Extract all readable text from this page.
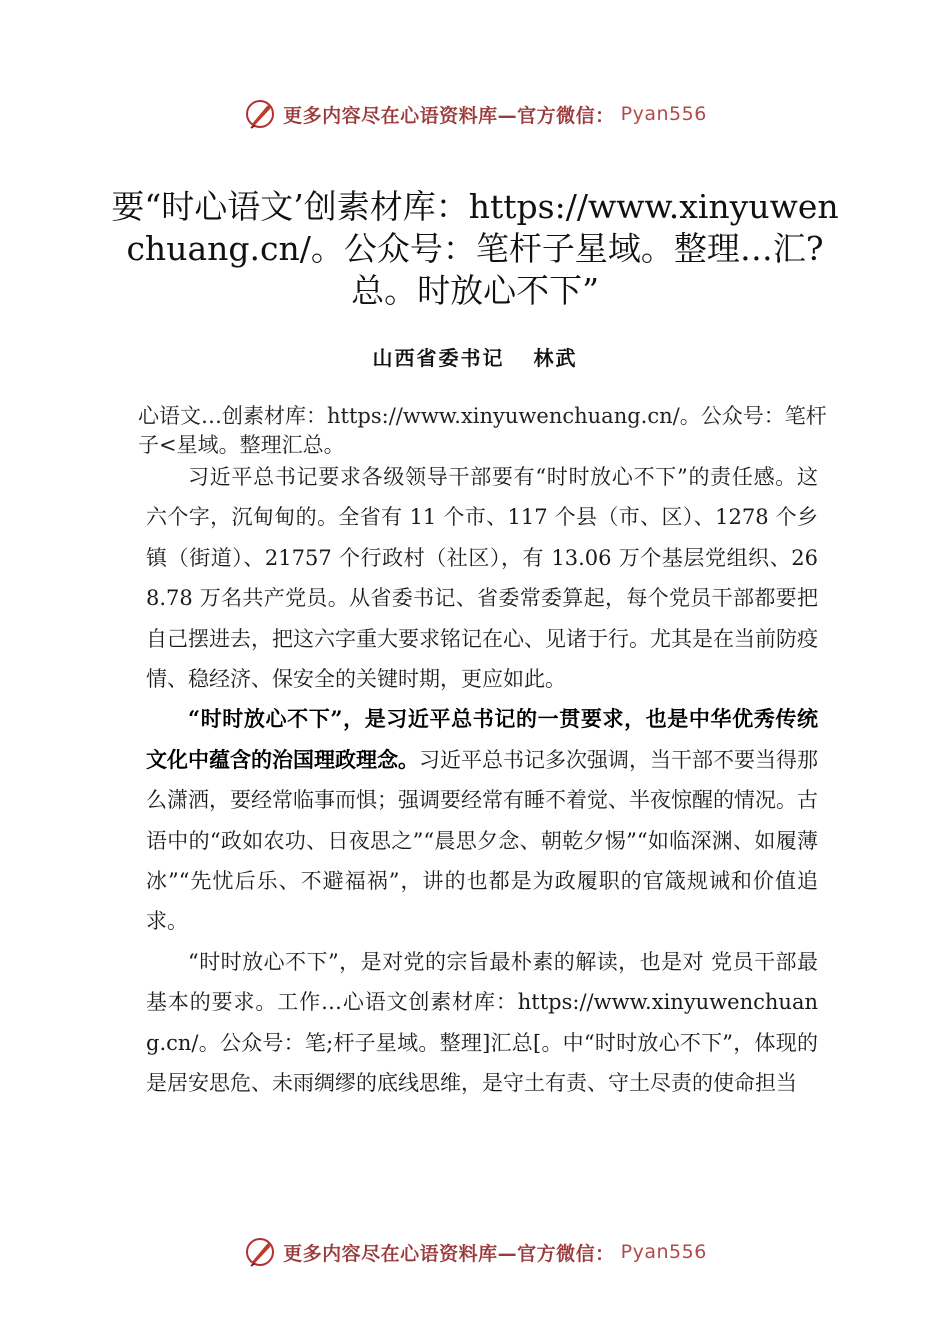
更多内容尽在心语资料库—官方微信： Pyan556
要“时心语文’创素材库：https://www.xinyuwenchuang.cn/。公众号：笔杆子星域。整理…汇?总。时放心不下”
山西省委书记 林武
心语文…创素材库：https://www.xinyuwenchuang.cn/。公众号：笔杆子<星域。整理汇总。

习近平总书记要求各级领导干部要有“时时放心不下”的责任感。这六个字，沉甸甸的。全省有 11 个市、117 个县（市、区）、1278 个乡镇（街道）、21757 个行政村（社区），有 13.06 万个基层党组织、268.78 万名共产党员。从省委书记、省委常委算起，每个党员干部都要把自己摆进去，把这六字重大要求铭记在心、见诸于行。尤其是在当前防疫情、稳经济、保安全的关键时期，更应如此。

“时时放心不下”，是习近平总书记的一贯要求，也是中华优秀传统文化中蕴含的治国理政理念。习近平总书记多次强调，当干部不要当得那么潇洒，要经常临事而惧；强调要经常有睡不着觉、半夜惊醒的情况。古语中的“政如农功、日夜思之”“晨思夕念、朝乾夕惕”“如临深渊、如履薄冰”“先忧后乐、不避福祸”，讲的也都是为政履职的官箴规诫和价值追求。

“时时放心不下”，是对党的宗旨最朴素的解读，也是对 党员干部最基本的要求。工作…心语文创素材库：https://www.xinyuwenchuang.cn/。公众号：笔;杆子星域。整理]汇总[。中“时时放心不下”，体现的是居安思危、未雨绸缪的底线思维，是守土有责、守土尽责的使命担当

更多内容尽在心语资料库—官方微信： Pyan556
